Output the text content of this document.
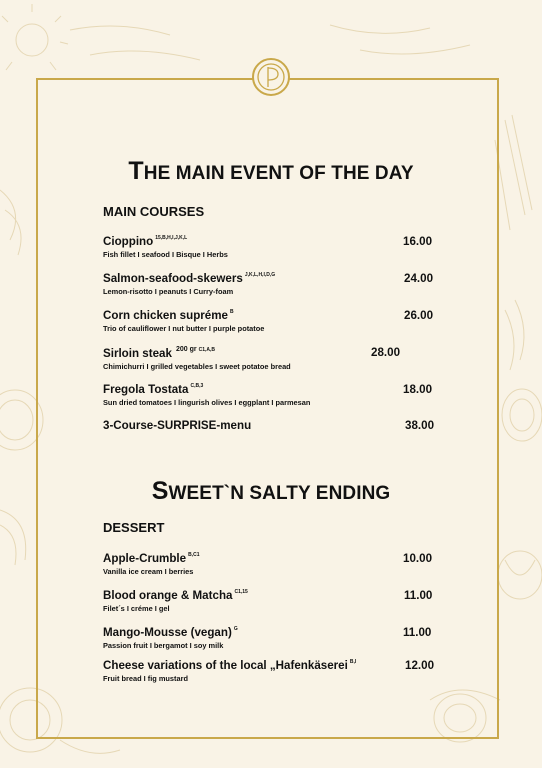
THE MAIN EVENT OF THE DAY
MAIN COURSES
Cioppino $^{15,B,H,I,J,K,L}$
Fish fillet I seafood I Bisque I Herbs
16.00
Salmon-seafood-skewers $^{J,K,L,H,I,D,G}$
Lemon-risotto I peanuts I Curry-foam
24.00
Corn chicken supréme $^B$
Trio of cauliflower I nut butter I purple potatoe
26.00
Sirloin steak $^{200 gr}$ $^{C1,A,B}$
Chimichurri I grilled vegetables I sweet potatoe bread
28.00
Fregola Tostata $^{C,B,3}$
Sun dried tomatoes I lingurish olives I eggplant I parmesan
18.00
3-Course-SURPRISE-menu	38.00
SWEET`N SALTY ENDING
DESSERT
Apple-Crumble $^{B,C1}$
Vanilla ice cream I berries
10.00
Blood orange & Matcha $^{C1,15}$
Filet´s I créme I gel
11.00
Mango-Mousse (vegan) $^G$
Passion fruit I bergamot I soy milk
11.00
Cheese variations of the local „Hafenkäserei $^{B,I}$
Fruit bread I fig mustard
12.00
